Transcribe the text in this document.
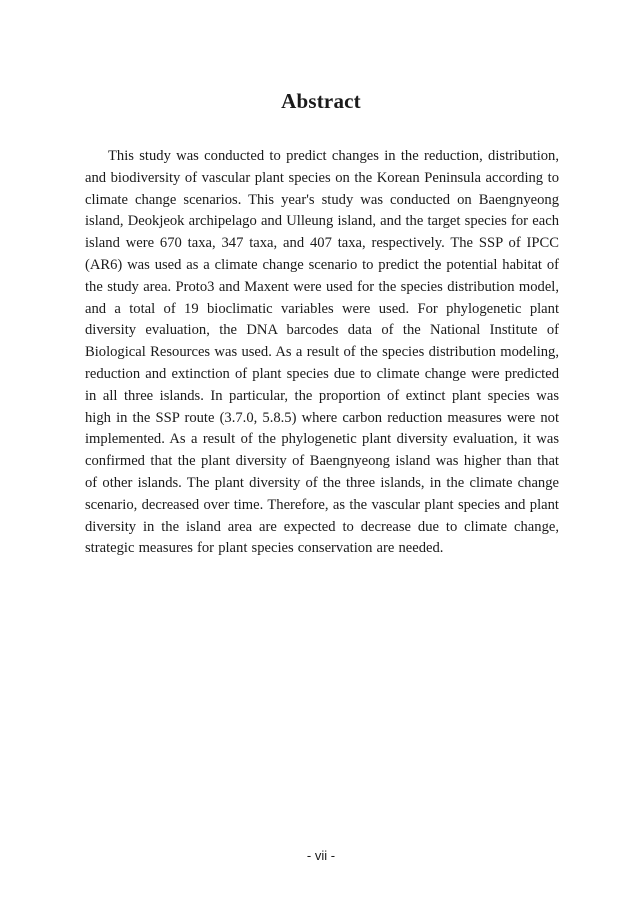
Abstract

This study was conducted to predict changes in the reduction, distribution, and biodiversity of vascular plant species on the Korean Peninsula according to climate change scenarios. This year's study was conducted on Baengnyeong island, Deokjeok archipelago and Ulleung island, and the target species for each island were 670 taxa, 347 taxa, and 407 taxa, respectively. The SSP of IPCC (AR6) was used as a climate change scenario to predict the potential habitat of the study area. Proto3 and Maxent were used for the species distribution model, and a total of 19 bioclimatic variables were used. For phylogenetic plant diversity evaluation, the DNA barcodes data of the National Institute of Biological Resources was used. As a result of the species distribution modeling, reduction and extinction of plant species due to climate change were predicted in all three islands. In particular, the proportion of extinct plant species was high in the SSP route (3.7.0, 5.8.5) where carbon reduction measures were not implemented. As a result of the phylogenetic plant diversity evaluation, it was confirmed that the plant diversity of Baengnyeong island was higher than that of other islands. The plant diversity of the three islands, in the climate change scenario, decreased over time. Therefore, as the vascular plant species and plant diversity in the island area are expected to decrease due to climate change, strategic measures for plant species conservation are needed.

- vii -
